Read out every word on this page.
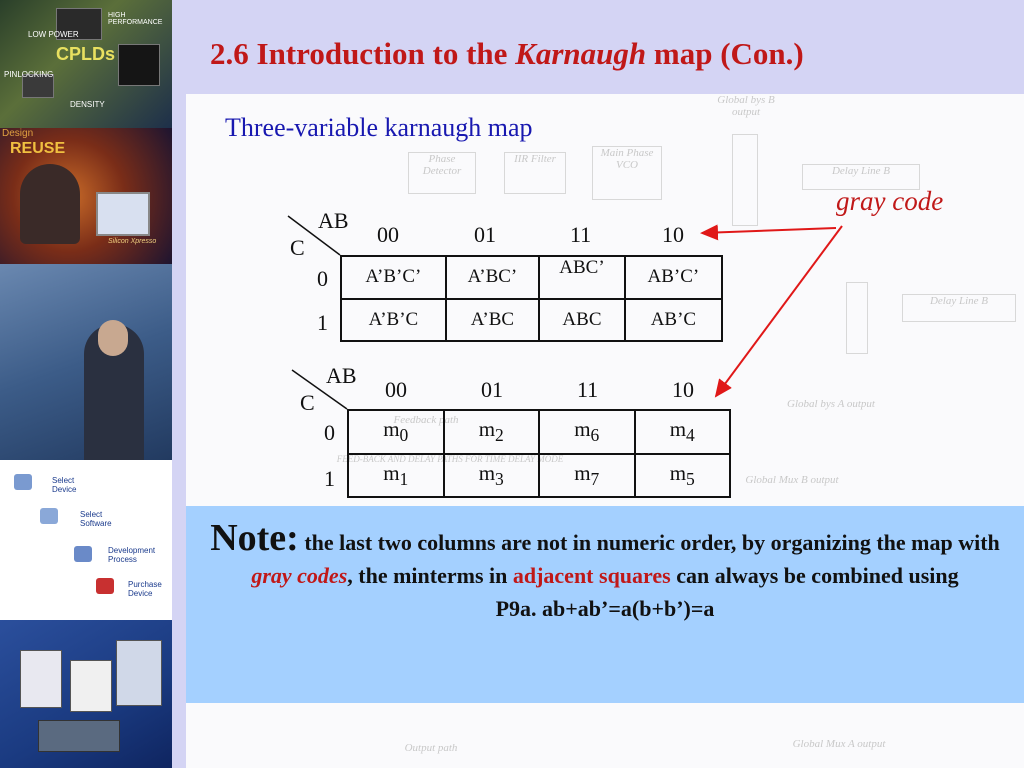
LOW POWER
PINLOCKING
CPLDs
DENSITY
HIGH PERFORMANCE
Design
REUSE
Silicon Xpresso
Select Device
Select Software
Development Process
Purchase Device
Phase Detector
IIR Filter	Main Phase VCO	Delay Line B
Delay Line B
Global bys B output
Global bys A output
FEED-BACK AND DELAY PATHS FOR TIME DELAY MODE
Output path
Feedback path
Global Mux B output
Global Mux A output
2.6 Introduction to the Karnaugh map (Con.)
Three-variable karnaugh map
gray code
AB
C
00	01	11	10
0
1
A’B’C’	A’BC’	ABC’	AB’C’
A’B’C	A’BC	ABC	AB’C
AB
C
00	01	11	10
0
1
$m_0$	$m_2$	$m_6$	$m_4$
$m_1$	$m_3$	$m_7$	$m_5$
Note: the last two columns are not in numeric order, by organizing the map with gray codes, the minterms in adjacent squares can always be combined using
P9a. ab+ab’=a(b+b’)=a
